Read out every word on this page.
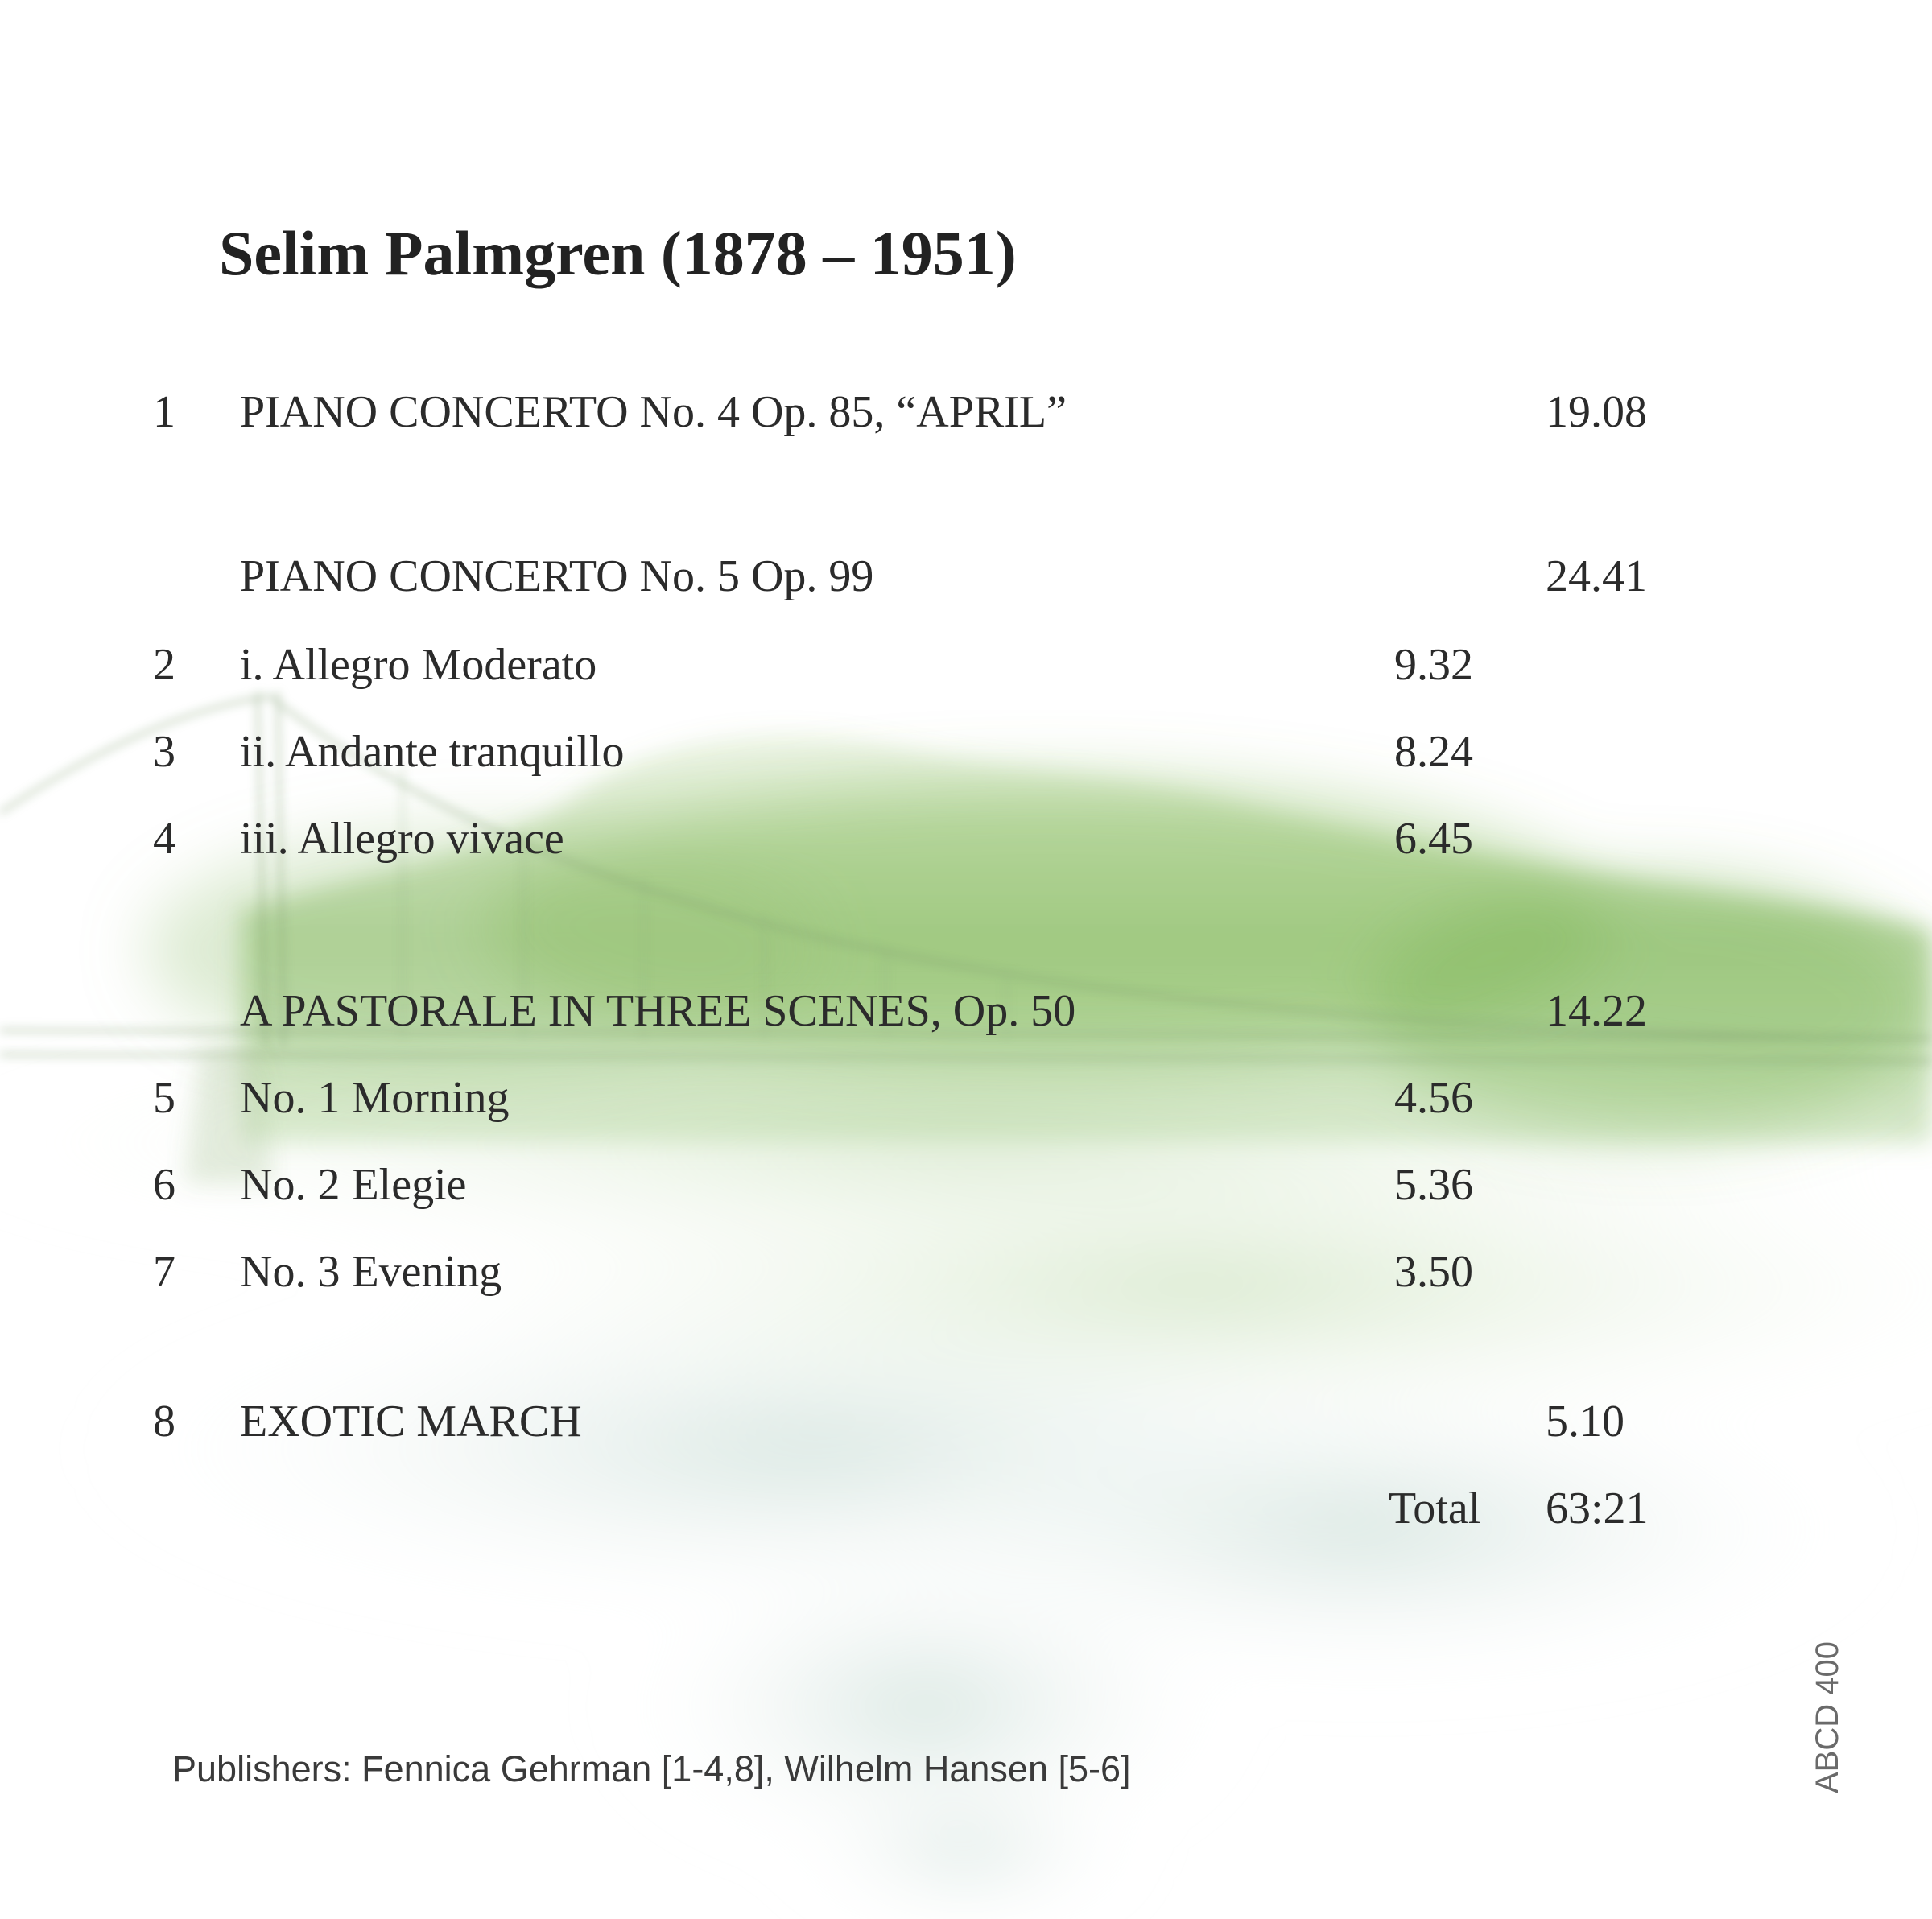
Selim Palmgren (1878 – 1951)
1 PIANO CONCERTO No. 4 Op. 85, “APRIL”	19.08
PIANO CONCERTO No. 5 Op. 99	24.41
2 i. Allegro Moderato	9.32
3 ii. Andante tranquillo	8.24
4 iii. Allegro vivace	6.45
A PASTORALE IN THREE SCENES, Op. 50	14.22
5 No. 1 Morning	4.56
6 No. 2 Elegie	5.36
7 No. 3 Evening	3.50
8 EXOTIC MARCH	5.10
Total 63:21
Publishers: Fennica Gehrman [1-4,8], Wilhelm Hansen [5-6]	ABCD 400
